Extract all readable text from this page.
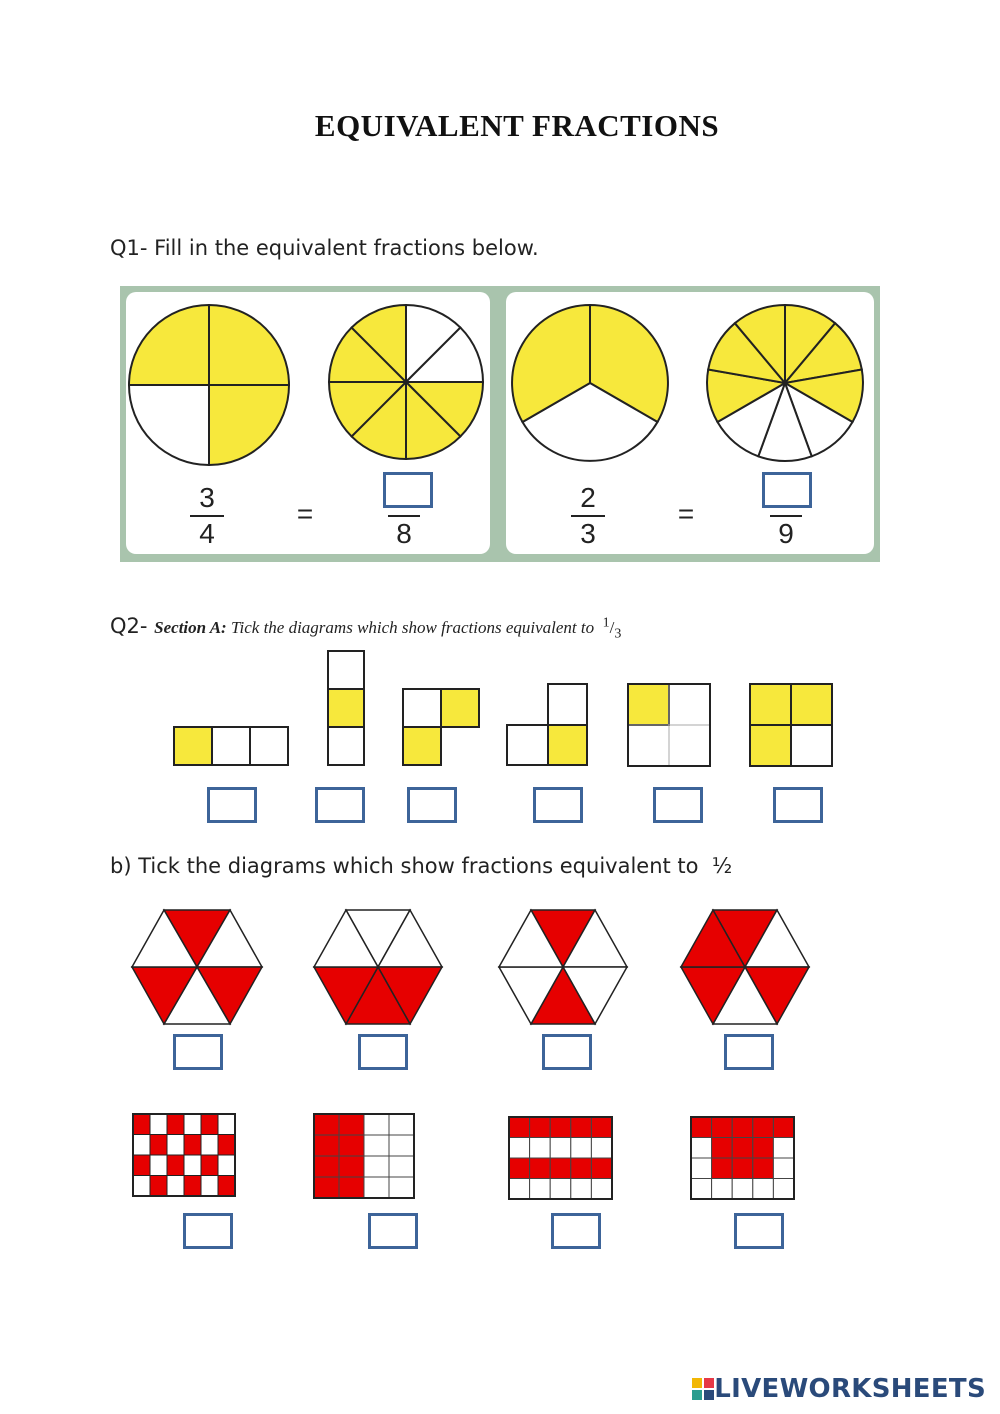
EQUIVALENT FRACTIONS
Q1- Fill in the equivalent fractions below.
3
4
=
8
2
3
=
9
Q2- Section A: Tick the diagrams which show fractions equivalent to $^1/_3$
b) Tick the diagrams which show fractions equivalent to ½
LIVEWORKSHEETS
